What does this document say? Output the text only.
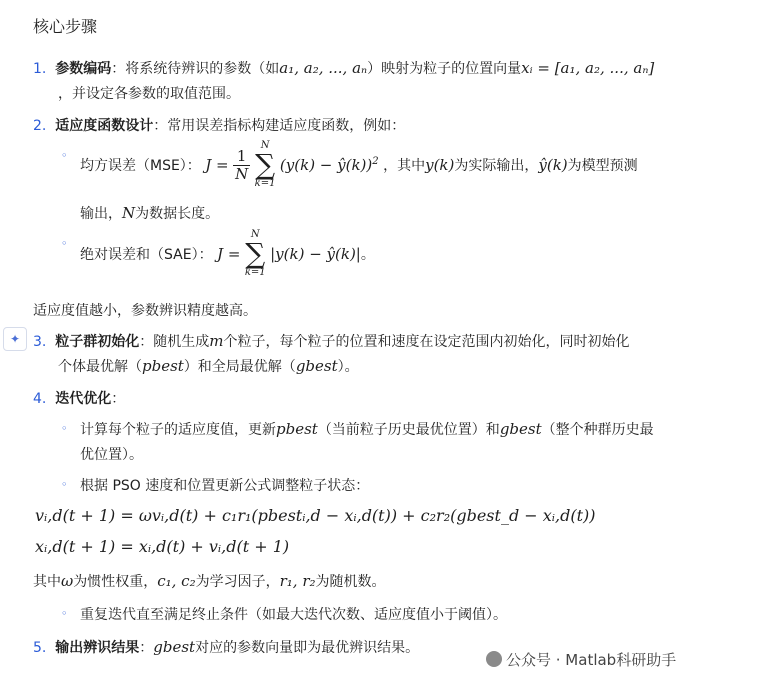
核心步骤
1. 参数编码：将系统待辨识的参数（如a₁, a₂, ..., aₙ）映射为粒子的位置向量xᵢ = [a₁, a₂, ..., aₙ]
，并设定各参数的取值范围。
2. 适应度函数设计：常用误差指标构建适应度函数，例如：
◦
均方误差（MSE）： $J = \frac{1}{N}$

N
∑
k=1
(y(k) − ŷ(k))$^2$ ，其中y(k)为实际输出，ŷ(k)为模型预测
输出，N为数据长度。
◦
绝对误差和（SAE）： J =
N
∑
k=1
|y(k) − ŷ(k)|。
适应度值越小，参数辨识精度越高。
✦ 3. 粒子群初始化：随机生成m个粒子，每个粒子的位置和速度在设定范围内初始化，同时初始化
个体最优解（pbest）和全局最优解（gbest）。
4. 迭代优化：
◦ 计算每个粒子的适应度值，更新pbest（当前粒子历史最优位置）和gbest（整个种群历史最
优位置）。
◦ 根据 PSO 速度和位置更新公式调整粒子状态：
vᵢ,d(t + 1) = ωvᵢ,d(t) + c₁r₁(pbestᵢ,d − xᵢ,d(t)) + c₂r₂(gbest_d − xᵢ,d(t))
xᵢ,d(t + 1) = xᵢ,d(t) + vᵢ,d(t + 1)
其中ω为惯性权重，c₁, c₂为学习因子，r₁, r₂为随机数。
◦ 重复迭代直至满足终止条件（如最大迭代次数、适应度值小于阈值）。
5. 输出辨识结果：gbest对应的参数向量即为最优辨识结果。
公众号 · Matlab科研助手
